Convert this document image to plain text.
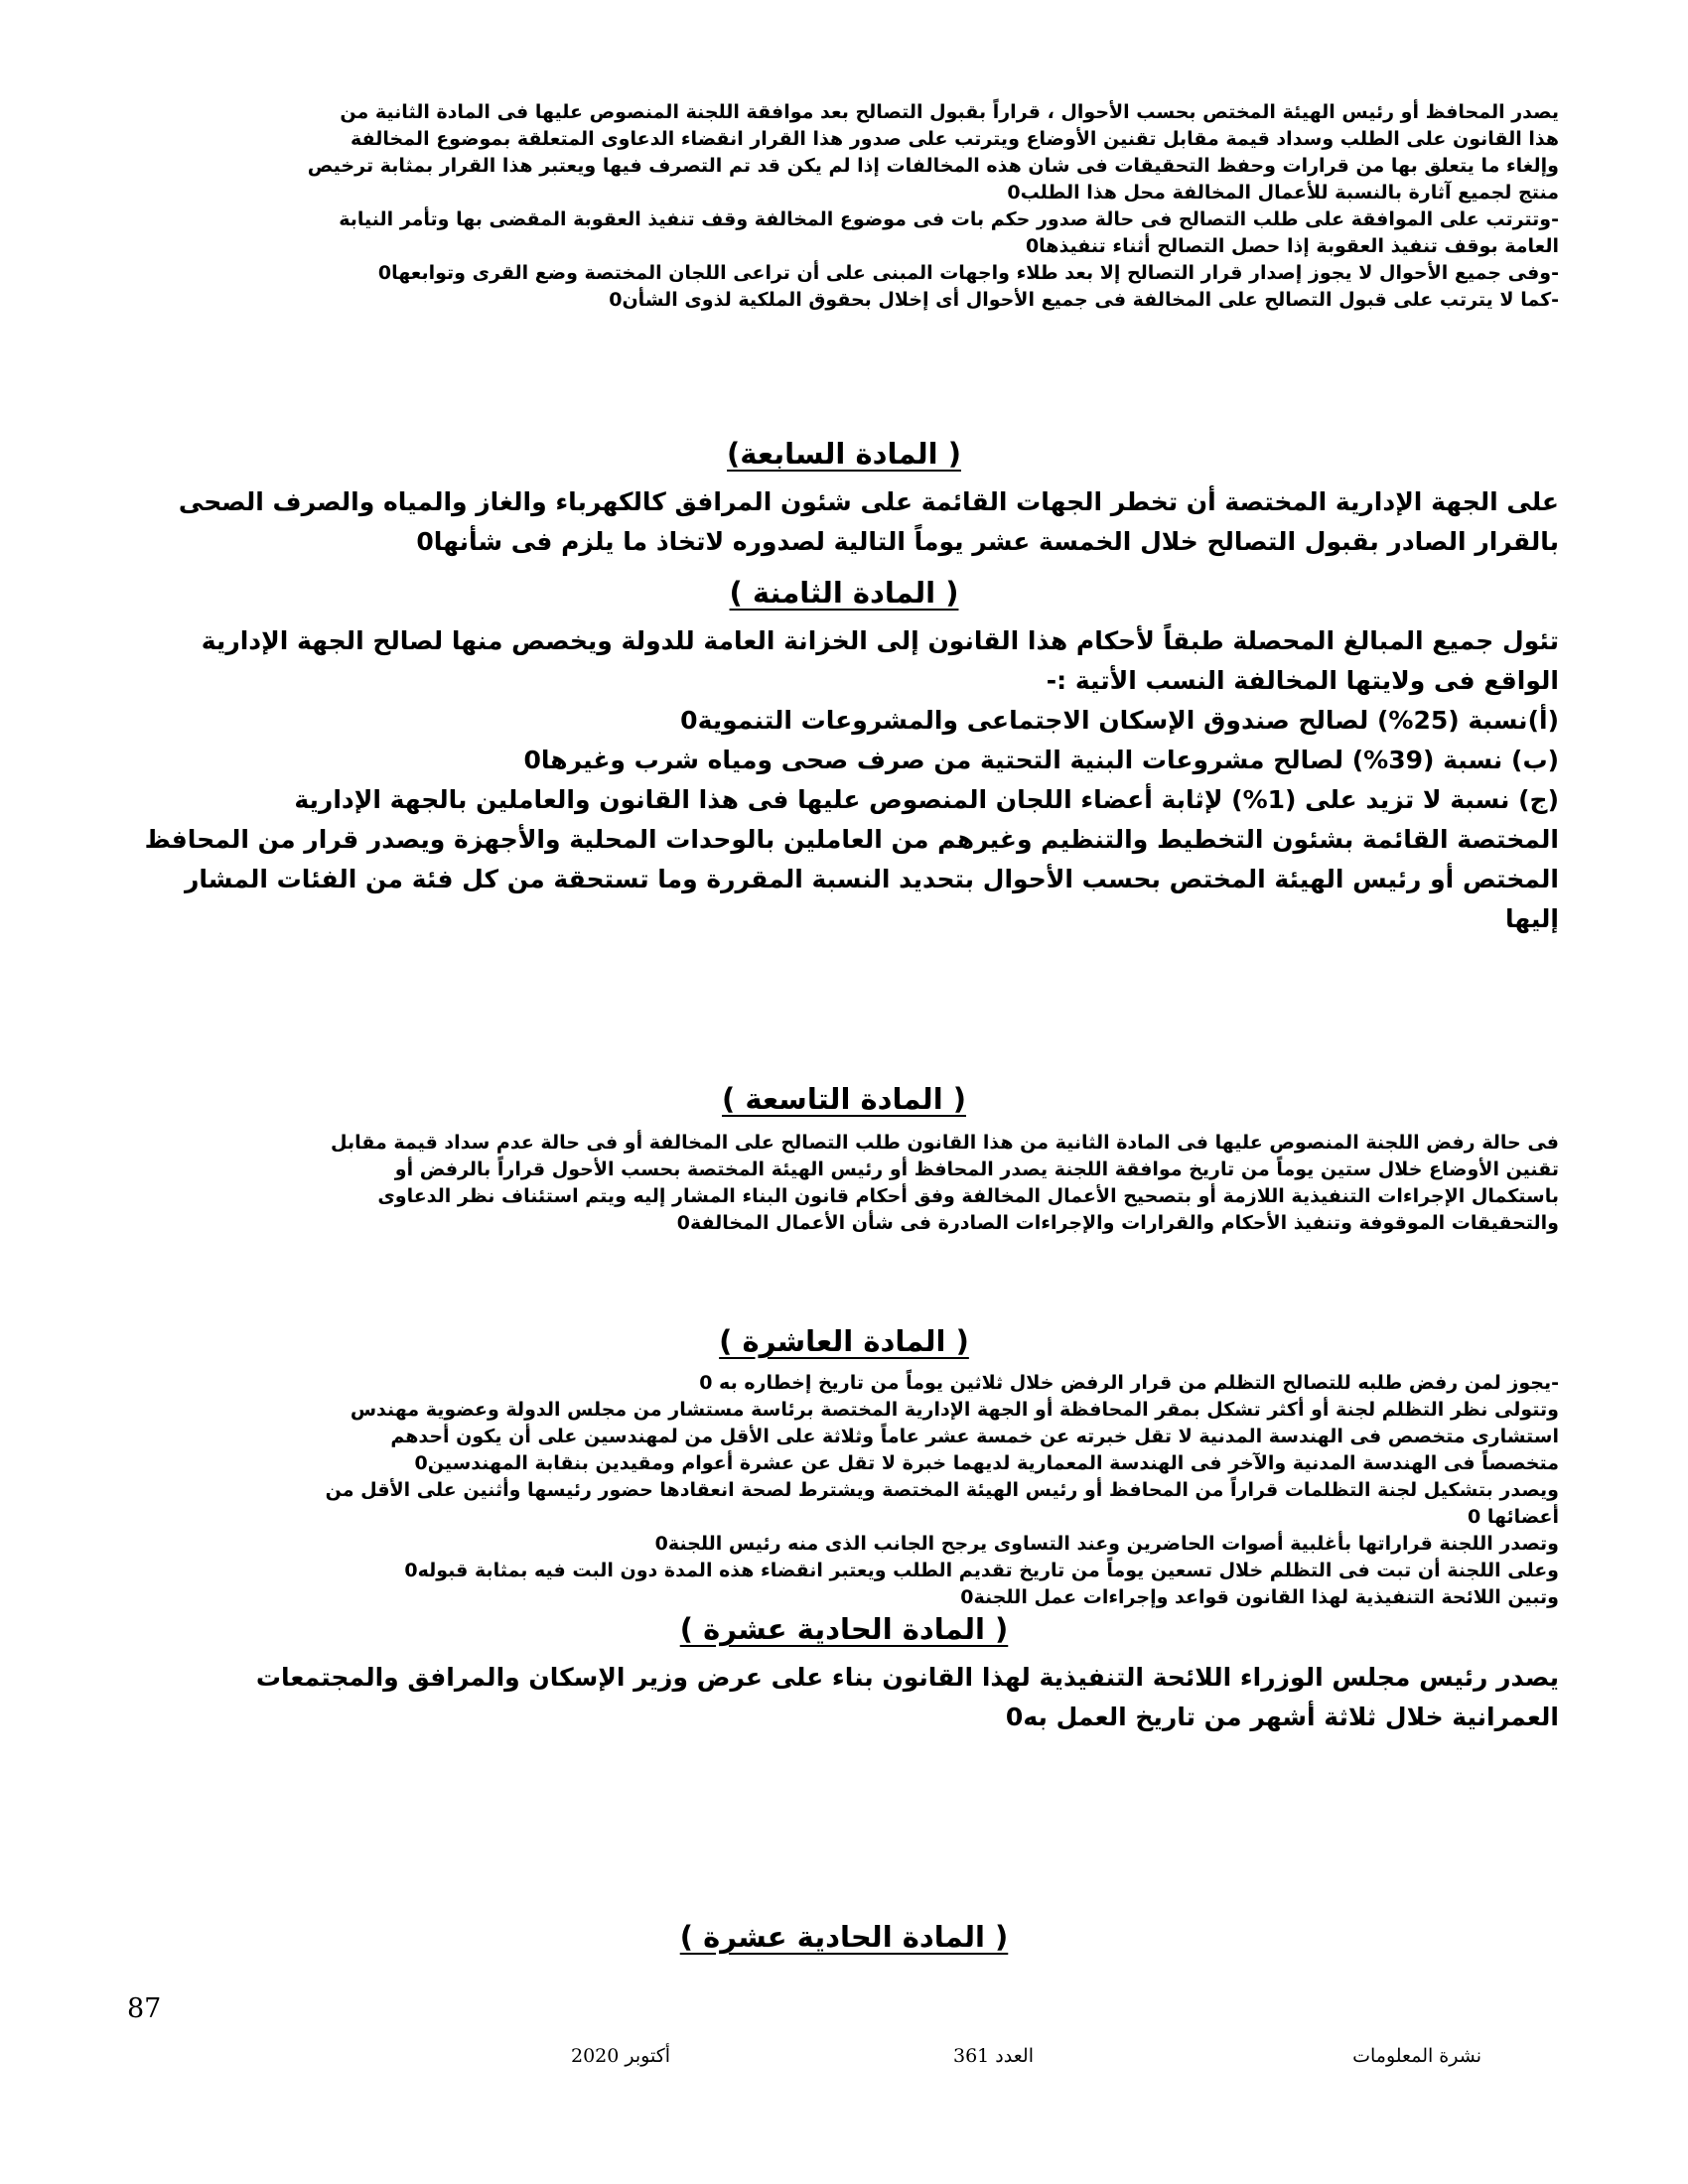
يصدر المحافظ أو رئيس الهيئة المختص بحسب الأحوال ، قراراً بقبول التصالح بعد موافقة اللجنة المنصوص عليها فى المادة الثانية من

هذا القانون على الطلب وسداد قيمة مقابل تقنين الأوضاع ويترتب على صدور هذا القرار انقضاء الدعاوى المتعلقة بموضوع المخالفة

وإلغاء ما يتعلق بها من قرارات وحفظ التحقيقات فى شان هذه المخالفات إذا لم يكن قد تم التصرف فيها ويعتبر هذا القرار بمثابة ترخيص

منتج لجميع آثارة بالنسبة للأعمال المخالفة محل هذا الطلب0

-وتترتب على الموافقة على طلب التصالح فى حالة صدور حكم بات فى موضوع المخالفة وقف تنفيذ العقوبة المقضى بها وتأمر النيابة

العامة بوقف تنفيذ العقوبة إذا حصل التصالح أثناء تنفيذها0

-وفى جميع الأحوال لا يجوز إصدار قرار التصالح إلا بعد طلاء واجهات المبنى على أن تراعى اللجان المختصة وضع القرى وتوابعها0

-كما لا يترتب على قبول التصالح على المخالفة فى جميع الأحوال أى إخلال بحقوق الملكية لذوى الشأن0

( المادة السابعة)

على الجهة الإدارية المختصة أن تخطر الجهات القائمة على شئون المرافق كالكهرباء والغاز والمياه والصرف الصحى

بالقرار الصادر بقبول التصالح خلال الخمسة عشر يوماً التالية لصدوره لاتخاذ ما يلزم فى شأنها0

( المادة الثامنة )

تئول جميع المبالغ المحصلة طبقاً لأحكام هذا القانون إلى الخزانة العامة للدولة ويخصص منها لصالح الجهة الإدارية

الواقع فى ولايتها المخالفة النسب الأتية :-

(أ)نسبة (25%) لصالح صندوق الإسكان الاجتماعى والمشروعات التنموية0

(ب) نسبة (39%) لصالح مشروعات البنية التحتية من صرف صحى ومياه شرب وغيرها0

(ج) نسبة لا تزيد على (1%) لإثابة أعضاء اللجان المنصوص عليها فى هذا القانون والعاملين بالجهة الإدارية

المختصة القائمة بشئون التخطيط والتنظيم وغيرهم من العاملين بالوحدات المحلية والأجهزة ويصدر قرار من المحافظ

المختص أو رئيس الهيئة المختص بحسب الأحوال بتحديد النسبة المقررة وما تستحقة من كل فئة من الفئات المشار

إليها

( المادة التاسعة )

فى حالة رفض اللجنة المنصوص عليها فى المادة الثانية من هذا القانون طلب التصالح على المخالفة أو فى حالة عدم سداد قيمة مقابل

تقنين الأوضاع خلال ستين يوماً من تاريخ موافقة اللجنة يصدر المحافظ أو رئيس الهيئة المختصة بحسب الأحول قراراً بالرفض أو

باستكمال الإجراءات التنفيذية اللازمة أو بتصحيح الأعمال المخالفة وفق أحكام قانون البناء المشار إليه ويتم استئناف نظر الدعاوى

والتحقيقات الموقوفة وتنفيذ الأحكام والقرارات والإجراءات الصادرة فى شأن الأعمال المخالفة0

( المادة العاشرة )

-يجوز لمن رفض طلبه للتصالح التظلم من قرار الرفض خلال ثلاثين يوماً من تاريخ إخطاره به 0

وتتولى نظر التظلم لجنة أو أكثر تشكل بمقر المحافظة أو الجهة الإدارية المختصة برئاسة مستشار من مجلس الدولة وعضوية مهندس

استشارى متخصص فى الهندسة المدنية لا تقل خبرته عن خمسة عشر عاماً وثلاثة على الأقل من لمهندسين على أن يكون أحدهم

متخصصاً فى الهندسة المدنية والآخر فى الهندسة المعمارية لديهما خبرة لا تقل عن عشرة أعوام ومقيدين بنقابة المهندسين0

ويصدر بتشكيل لجنة التظلمات قراراً من المحافظ أو رئيس الهيئة المختصة ويشترط لصحة انعقادها حضور رئيسها وأثنين على الأقل من

أعضائها 0

وتصدر اللجنة قراراتها بأغلبية أصوات الحاضرين وعند التساوى يرجح الجانب الذى منه رئيس اللجنة0

وعلى اللجنة أن تبت فى التظلم خلال تسعين يوماً من تاريخ تقديم الطلب ويعتبر انقضاء هذه المدة دون البت فيه بمثابة قبوله0

وتبين اللائحة التنفيذية لهذا القانون قواعد وإجراءات عمل اللجنة0

( المادة الحادية عشرة )

يصدر رئيس مجلس الوزراء اللائحة التنفيذية لهذا القانون بناء على عرض وزير الإسكان والمرافق والمجتمعات

العمرانية خلال ثلاثة أشهر من تاريخ العمل به0

( المادة الحادية عشرة )
87
نشرة المعلومات
العدد 361
أكتوبر 2020
